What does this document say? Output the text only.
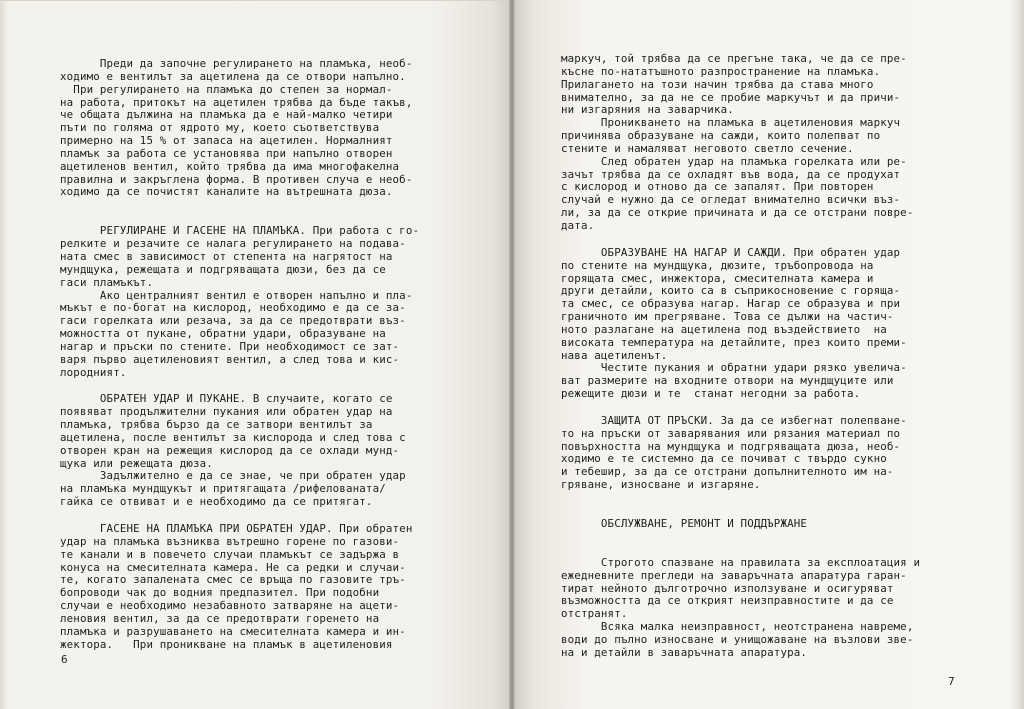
Преди да започне регулирането на пламъка, необ-

ходимо е вентилът за ацетилена да се отвори напълно.

При регулирането на пламъка до степен за нормал-

на работа, притокът на ацетилен трябва да бъде такъв,

че общата дължина на пламъка да е най-малко четири

пъти по голяма от ядрото му, което съответствува

примерно на 15 % от запаса на ацетилен. Нормалният

пламък за работа се установява при напълно отворен

ацетиленов вентил, който трябва да има многофакелна

правилна и закръглена форма. В противен случа е необ-

ходимо да се почистят каналите на вътрешната дюза.

РЕГУЛИРАНЕ И ГАСЕНЕ НА ПЛАМЪКА. При работа с го-

релките и резачите се налага регулирането на подава-

ната смес в зависимост от степента на нагрятост на

мундщука, режещата и подгряващата дюзи, без да се

гаси пламъкът.

Ако централният вентил е отворен напълно и пла-

мъкът е по-богат на кислород, необходимо е да се за-

гаси горелката или резача, за да се предотврати въз-

можността от пукане, обратни удари, образуване на

нагар и пръски по стените. При необходимост се зат-

варя първо ацетиленовият вентил, а след това и кис-

лородният.

ОБРАТЕН УДАР И ПУКАНЕ. В случаите, когато се

появяват продължителни пукания или обратен удар на

пламъка, трябва бързо да се затвори вентилът за

ацетилена, после вентилът за кислорода и след това с

отворен кран на режещия кислород да се охлади мунд-

щука или режещата дюза.

Задължително е да се знае, че при обратен удар

на пламъка мундщукът и притягащата /рифелованата/

гайка се отвиват и е необходимо да се притягат.

ГАСЕНЕ НА ПЛАМЪКА ПРИ ОБРАТЕН УДАР. При обратен

удар на пламъка възниква вътрешно горене по газови-

те канали и в повечето случаи пламъкът се задържа в

конуса на смесителната камера. Не са редки и случаи-

те, когато запалената смес се връща по газовите тръ-

бопроводи чак до водния предпазител. При подобни

случаи е необходимо незабавното затваряне на ацети-

леновия вентил, за да се предотврати горенето на

пламъка и разрушаването на смесителната камера и ин-

жектора.   При проникване на пламък в ацетиленовия

6

маркуч, той трябва да се прегъне така, че да се пре-

късне по-нататъшното разпространение на пламъка.

Прилагането на този начин трябва да става много

внимателно, за да не се пробие маркучът и да причи-

ни изгаряния на заварчика.

Проникването на пламъка в ацетиленовия маркуч

причинява образуване на сажди, които полепват по

стените и намаляват неговото светло сечение.

След обратен удар на пламъка горелката или ре-

зачът трябва да се охладят във вода, да се продухат

с кислород и отново да се запалят. При повторен

случай е нужно да се огледат внимателно всички въз-

ли, за да се открие причината и да се отстрани повре-

дата.

ОБРАЗУВАНЕ НА НАГАР И САЖДИ. При обратен удар

по стените на мундщука, дюзите, тръбопровода на

горящата смес, инжектора, смесителната камера и

други детайли, които са в съприкосновение с горяща-

та смес, се образува нагар. Нагар се образува и при

граничното им прегряване. Това се дължи на частич-

ното разлагане на ацетилена под въздействието  на

високата температура на детайлите, през които преми-

нава ацетиленът.

Честите пукания и обратни удари рязко увелича-

ват размерите на входните отвори на мундщуците или

режещите дюзи и те  станат негодни за работа.

ЗАЩИТА ОТ ПРЪСКИ. За да се избегнат полепване-

то на пръски от заварявания или рязания материал по

повърхността на мундщука и подгряващата дюза, необ-

ходимо е те системно да се почиват с твърдо сукно

и тебешир, за да се отстрани допълнителното им на-

гряване, износване и изгаряне.

ОБСЛУЖВАНЕ, РЕМОНТ И ПОДДЪРЖАНЕ

Строгото спазване на правилата за експлоатация и

ежедневните прегледи на заваръчната апаратура гаран-

тират нейното дълготрочно използуване и осигуряват

възможността да се открият неизправностите и да се

отстранят.

Всяка малка неизправност, неотстранена навреме,

води до пълно износване и унищожаване на възлови зве-

на и детайли в заваръчната апаратура.

7
